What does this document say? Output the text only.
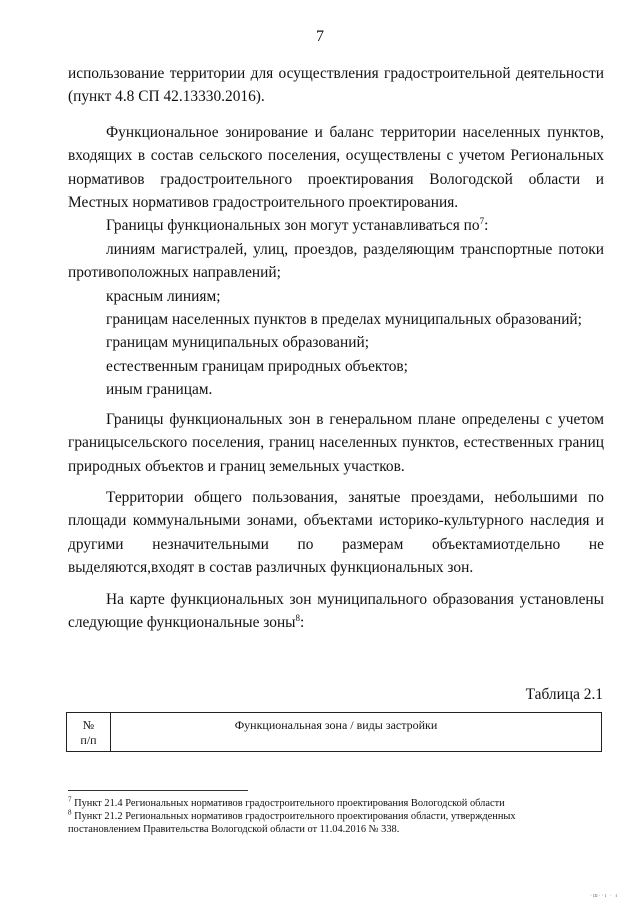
7

использование территории для осуществления градостроительной деятельности

(пункт 4.8 СП 42.13330.2016).

Функциональное зонирование и баланс территории населенных пунктов, входящих в состав сельского поселения, осуществлены с учетом Региональных нормативов градостроительного проектирования Вологодской области и Местных нормативов градостроительного проектирования.

Границы функциональных зон могут устанавливаться $по^7$:

линиям магистралей, улиц, проездов, разделяющим транспортные потоки противоположных направлений;

красным линиям;

границам населенных пунктов в пределах муниципальных образований;

границам муниципальных образований;

естественным границам природных объектов;

иным границам.

Границы функциональных зон в генеральном плане определены с учетом границысельского поселения, границ населенных пунктов, естественных границ природных объектов и границ земельных участков.

Территории общего пользования, занятые проездами, небольшими по площади коммунальными зонами, объектами историко-культурного наследия и другими незначительными по размерам объектамиотдельно не выделяются,входят в состав различных функциональных зон.

На карте функциональных зон муниципального образования установлены следующие функциональные зоны$^8$:

Таблица 2.1
№
п/п
Функциональная зона / виды застройки

$^7$ Пункт 21.4 Региональных нормативов градостроительного проектирования Вологодской области

$^8$ Пункт 21.2 Региональных нормативов градостроительного проектирования области, утвержденных постановлением Правительства Вологодской области от 11.04.2016 № 338.

·ш··ı · ı
